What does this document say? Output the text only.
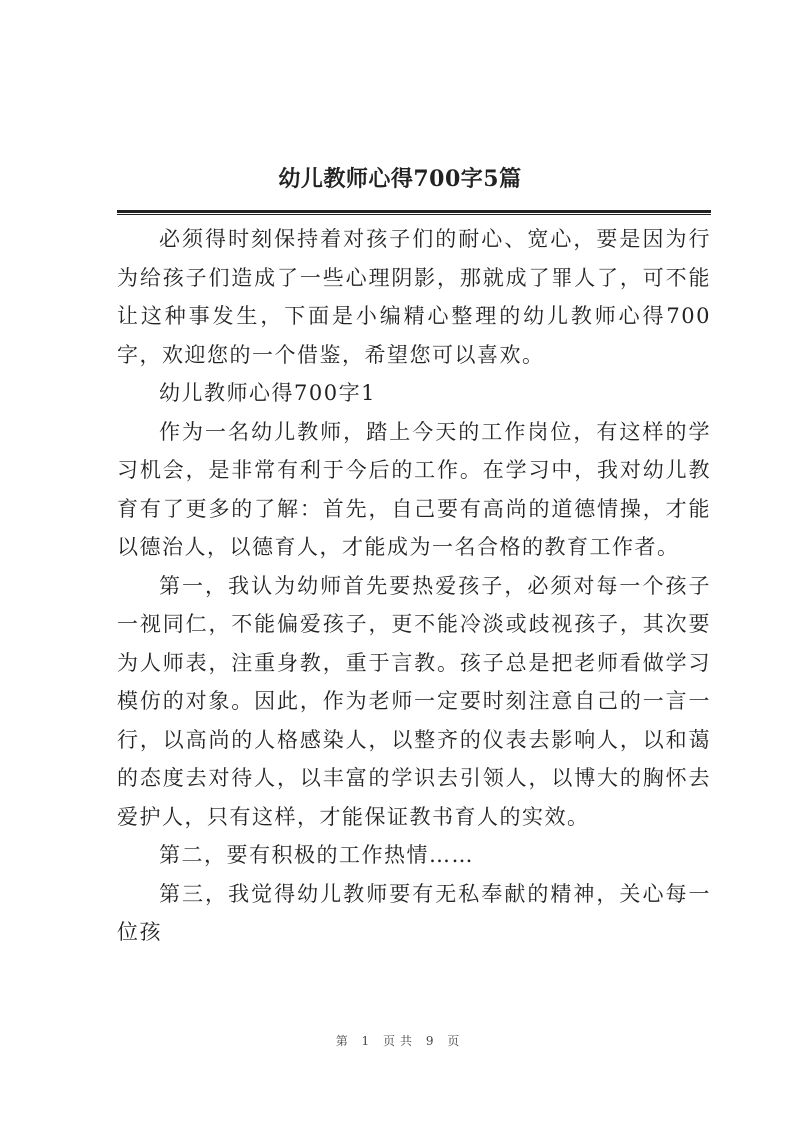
幼儿教师心得700字5篇

必须得时刻保持着对孩子们的耐心、宽心，要是因为行为给孩子们造成了一些心理阴影，那就成了罪人了，可不能让这种事发生，下面是小编精心整理的幼儿教师心得700字，欢迎您的一个借鉴，希望您可以喜欢。

幼儿教师心得700字1

作为一名幼儿教师，踏上今天的工作岗位，有这样的学习机会，是非常有利于今后的工作。在学习中，我对幼儿教育有了更多的了解：首先，自己要有高尚的道德情操，才能以德治人，以德育人，才能成为一名合格的教育工作者。

第一，我认为幼师首先要热爱孩子，必须对每一个孩子一视同仁，不能偏爱孩子，更不能冷淡或歧视孩子，其次要为人师表，注重身教，重于言教。孩子总是把老师看做学习模仿的对象。因此，作为老师一定要时刻注意自己的一言一行，以高尚的人格感染人，以整齐的仪表去影响人，以和蔼的态度去对待人，以丰富的学识去引领人，以博大的胸怀去爱护人，只有这样，才能保证教书育人的实效。

第二，要有积极的工作热情……

第三，我觉得幼儿教师要有无私奉献的精神，关心每一位孩

第 1 页共 9 页
